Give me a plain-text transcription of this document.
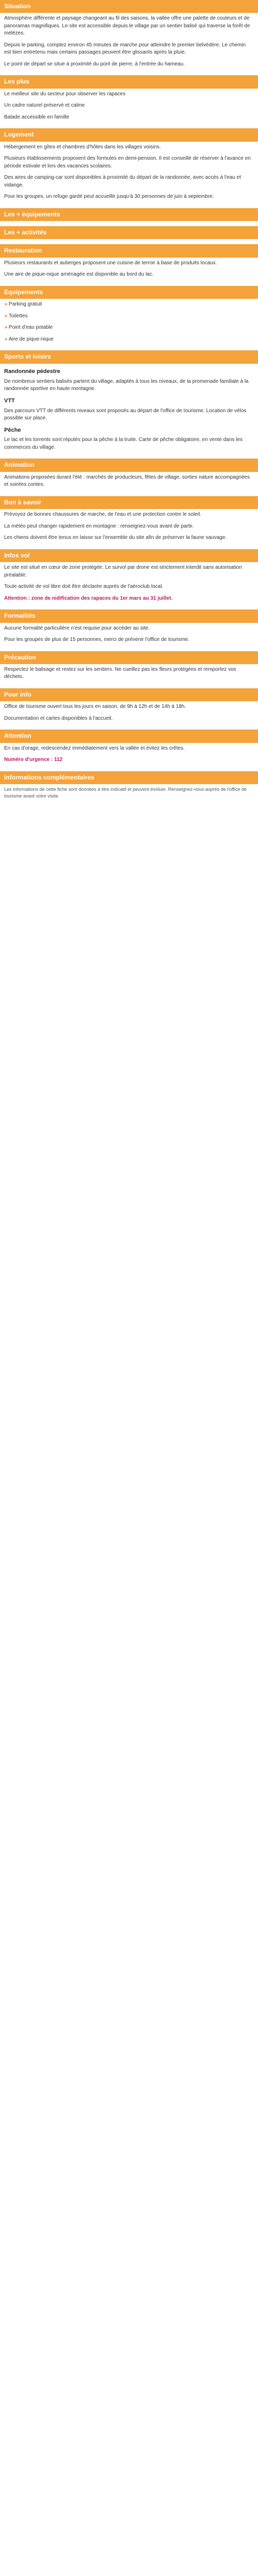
Situation

Atmosphère différente et paysage changeant au fil des saisons, la vallée offre une palette de couleurs et de panoramas magnifiques. Le site est accessible depuis le village par un sentier balisé qui traverse la forêt de mélèzes.

Depuis le parking, comptez environ 45 minutes de marche pour atteindre le premier belvédère. Le chemin est bien entretenu mais certains passages peuvent être glissants après la pluie.

Le point de départ se situe à proximité du pont de pierre, à l'entrée du hameau.

Les plus

Le meilleur site du secteur pour observer les rapaces

Un cadre naturel préservé et calme

Balade accessible en famille

Logement

Hébergement en gîtes et chambres d'hôtes dans les villages voisins.

Plusieurs établissements proposent des formules en demi-pension. Il est conseillé de réserver à l'avance en période estivale et lors des vacances scolaires.

Des aires de camping-car sont disponibles à proximité du départ de la randonnée, avec accès à l'eau et vidange.

Pour les groupes, un refuge gardé peut accueillir jusqu'à 30 personnes de juin à septembre.

Les + équipements
Les + activités
Restauration

Plusieurs restaurants et auberges proposent une cuisine de terroir à base de produits locaux.

Une aire de pique-nique aménagée est disponible au bord du lac.

Equipements

► Parking gratuit

► Toilettes

► Point d'eau potable

► Aire de pique-nique

Sports et loisirs
Randonnée pédestre

De nombreux sentiers balisés partent du village, adaptés à tous les niveaux, de la promenade familiale à la randonnée sportive en haute montagne.

VTT

Des parcours VTT de différents niveaux sont proposés au départ de l'office de tourisme. Location de vélos possible sur place.

Pêche

Le lac et les torrents sont réputés pour la pêche à la truite. Carte de pêche obligatoire, en vente dans les commerces du village.

Animation

Animations proposées durant l'été : marchés de producteurs, fêtes de village, sorties nature accompagnées et soirées contes.

Bon à savoir

Prévoyez de bonnes chaussures de marche, de l'eau et une protection contre le soleil.

La météo peut changer rapidement en montagne : renseignez-vous avant de partir.

Les chiens doivent être tenus en laisse sur l'ensemble du site afin de préserver la faune sauvage.

Infos vol

Le site est situé en cœur de zone protégée. Le survol par drone est strictement interdit sans autorisation préalable.

Toute activité de vol libre doit être déclarée auprès de l'aéroclub local.

Attention : zone de nidification des rapaces du 1er mars au 31 juillet.

Formalités

Aucune formalité particulière n'est requise pour accéder au site.

Pour les groupes de plus de 15 personnes, merci de prévenir l'office de tourisme.

Précaution

Respectez le balisage et restez sur les sentiers. Ne cueillez pas les fleurs protégées et remportez vos déchets.

Pour info

Office de tourisme ouvert tous les jours en saison, de 9h à 12h et de 14h à 18h.

Documentation et cartes disponibles à l'accueil.

Attention

En cas d'orage, redescendez immédiatement vers la vallée et évitez les crêtes.

Numéro d'urgence : 112

Informations complémentaires

Les informations de cette fiche sont données à titre indicatif et peuvent évoluer. Renseignez-vous auprès de l'office de tourisme avant votre visite.
